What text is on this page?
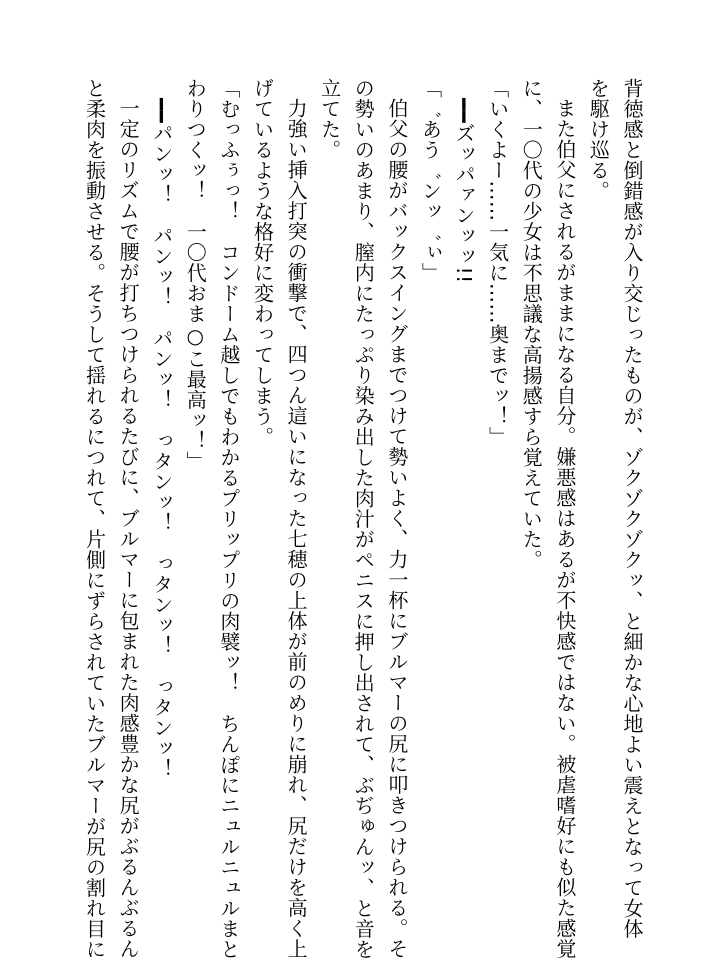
背徳感と倒錯感が入り交じったものが、ゾクゾクゾクッ、と細かな心地よい震えとなって女体

を駆け巡る。

また伯父にされるがままになる自分。嫌悪感はあるが不快感ではない。被虐嗜好にも似た感覚

に、一〇代の少女は不思議な高揚感すら覚えていた。

「いくよー……一気に……奥までッ！」

━━ズッパァンッッ!!

「゛あう゛ンッ゛ぃ」

伯父の腰がバックスイングまでつけて勢いよく、力一杯にブルマーの尻に叩きつけられる。そ

の勢いのあまり、膣内にたっぷり染み出した肉汁がペニスに押し出されて、ぶぢゅんッ、と音を

立てた。

力強い挿入打突の衝撃で、四つん這いになった七穂の上体が前のめりに崩れ、尻だけを高く上

げているような格好に変わってしまう。

「むっふぅっ！　コンドーム越しでもわかるプリップリの肉襞ッ！　ちんぽにニュルニュルまと

わりつくッ！　一〇代おま○こ最高ッ！」

━━パンッ！　パンッ！　パンッ！　っタンッ！　っタンッ！　っタンッ！

一定のリズムで腰が打ちつけられるたびに、ブルマーに包まれた肉感豊かな尻がぶるんぶるん

と柔肉を振動させる。そうして揺れるにつれて、片側にずらされていたブルマーが尻の割れ目に
